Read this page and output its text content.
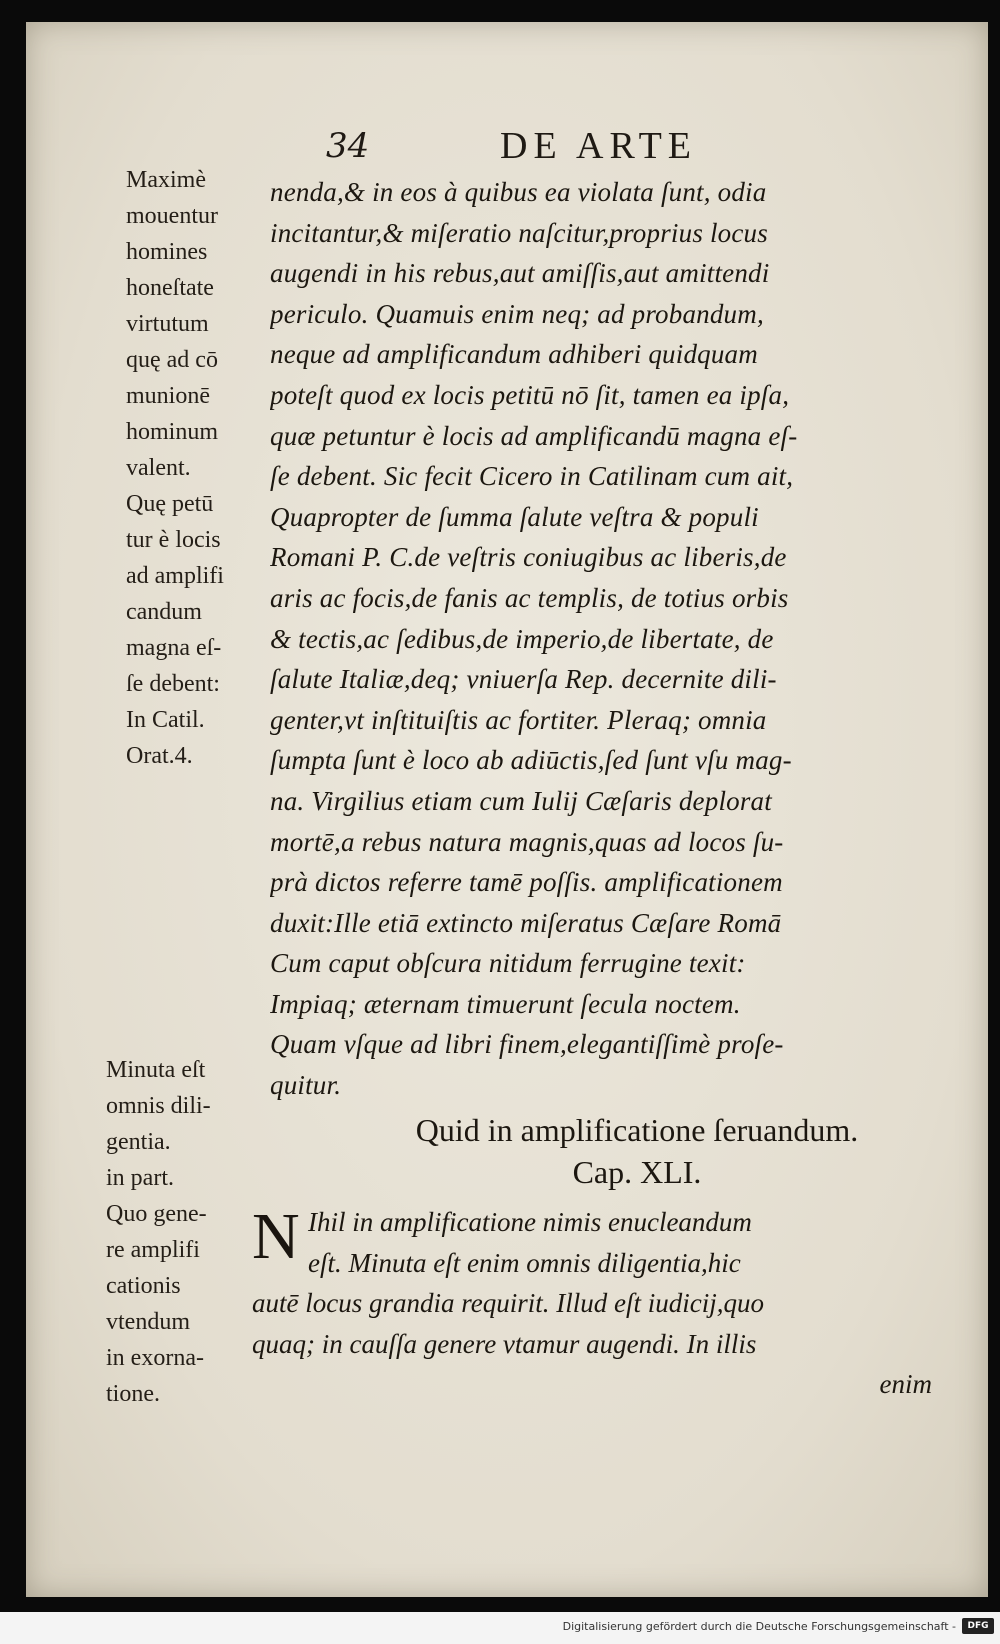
34	DE ARTE
Maximè
mouentur
homines
honeſtate
virtutum
quę ad cō
munionē
hominum
valent.
Quę petū
tur è locis
ad amplifi
candum
magna eſ-
ſe debent:
In Catil.
Orat.4.
Minuta eſt
omnis dili-
gentia.
in part.
Quo gene-
re amplifi
cationis
vtendum
in exorna-
tione.
nenda,& in eos à quibus ea violata ſunt, odia
incitantur,& miſeratio naſcitur,proprius locus
augendi in his rebus,aut amiſſis,aut amittendi
periculo. Quamuis enim neq; ad probandum,
neque ad amplificandum adhiberi quidquam
poteſt quod ex locis petitū nō ſit, tamen ea ipſa,
quæ petuntur è locis ad amplificandū magna eſ-
ſe debent. Sic fecit Cicero in Catilinam cum ait,
Quapropter de ſumma ſalute veſtra & populi
Romani P. C.de veſtris coniugibus ac liberis,de
aris ac focis,de fanis ac templis, de totius orbis
& tectis,ac ſedibus,de imperio,de libertate, de
ſalute Italiæ,deq; vniuerſa Rep. decernite dili-
genter,vt inſtituiſtis ac fortiter. Pleraq; omnia
ſumpta ſunt è loco ab adiūctis,ſed ſunt vſu mag-
na. Virgilius etiam cum Iulij Cæſaris deplorat
mortē,a rebus natura magnis,quas ad locos ſu-
prà dictos referre tamē poſſis. amplificationem
duxit:Ille etiā extincto miſeratus Cæſare Romā
Cum caput obſcura nitidum ferrugine texit:
Impiaq; æternam timuerunt ſecula noctem.
Quam vſque ad libri finem,elegantiſſimè proſe-
quitur.
Quid in amplificatione ſeruandum.
Cap. XLI.
N Ihil in amplificatione nimis enucleandum
eſt. Minuta eſt enim omnis diligentia,hic
autē locus grandia requirit. Illud eſt iudicij,quo
quaq; in cauſſa genere vtamur augendi. In illis
enim
Digitalisierung gefördert durch die Deutsche Forschungsgemeinschaft -	DFG
